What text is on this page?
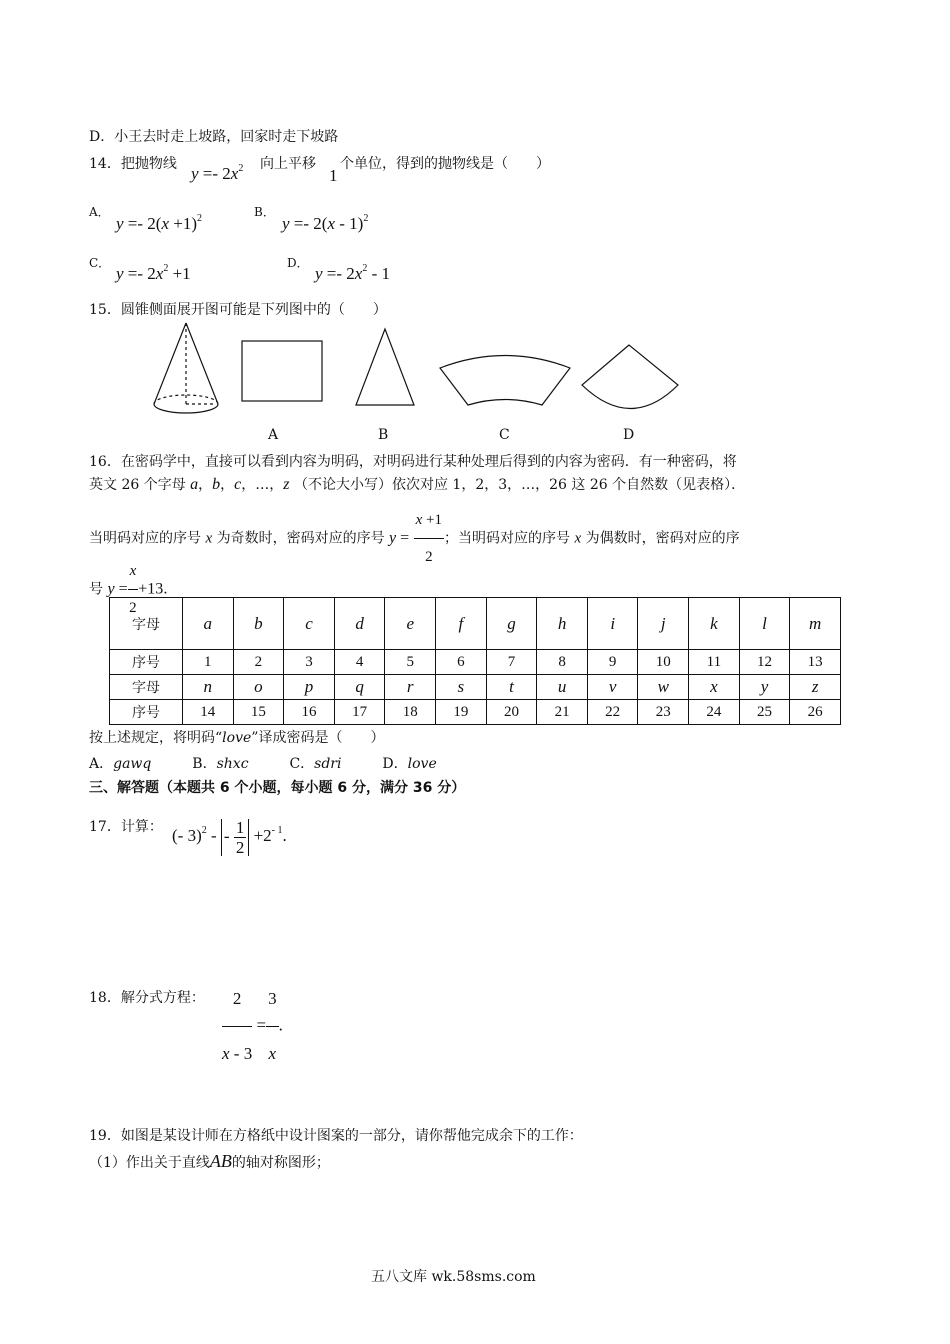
D．小王去时走上坡路，回家时走下坡路
14．把抛物线 $y =- 2x^2$ 向上平移
1
个单位，得到的抛物线是（　　）
A．
$y =- 2(x +1)^2$	B．
y =- 2(x - 1)$^2$
C．
$y =- 2x^2 +1$
D．
$y =- 2x^2 - 1$
15．圆锥侧面展开图可能是下列图中的（　　）
A	B	C	D
16．在密码学中，直接可以看到内容为明码，对明码进行某种处理后得到的内容为密码．有一种密码，将
英文 26 个字母 a，b，c，…，z （不论大小写）依次对应 1，2，3，…，26 这 26 个自然数（见表格）．
当明码对应的序号 x 为奇数时，密码对应的序号 $y = \frac{x +1}{2}$ ；当明码对应的序号 x 为偶数时，密码对应的序
号 $y = \frac{x}{2} +13$．
字母	a	b	c	d	e	f	g	h	i	j	k	l	m
序号	1	2	3	4	5	6	7	8	9	10	11	12	13
字母	n	o	p	q	r	s	t	u	v	w	x	y	z
序号	14	15	16	17	18	19	20	21	22	23	24	25	26
按上述规定，将明码“love”译成密码是（　　）
A．gawq	B．shxc	C．sdri	D．love
三、解答题（本题共 6 个小题，每小题 6 分，满分 36 分）
17．计算： (- 3)$^2$ - - $\frac{1}{2} +2^{- 1}$.
18．解分式方程： $\frac{2}{x - 3} = \frac{3}{x}$ .
19．如图是某设计师在方格纸中设计图案的一部分，请你帮他完成余下的工作：
（1）作出关于直线AB的轴对称图形；
五八文库 wk.58sms.com
